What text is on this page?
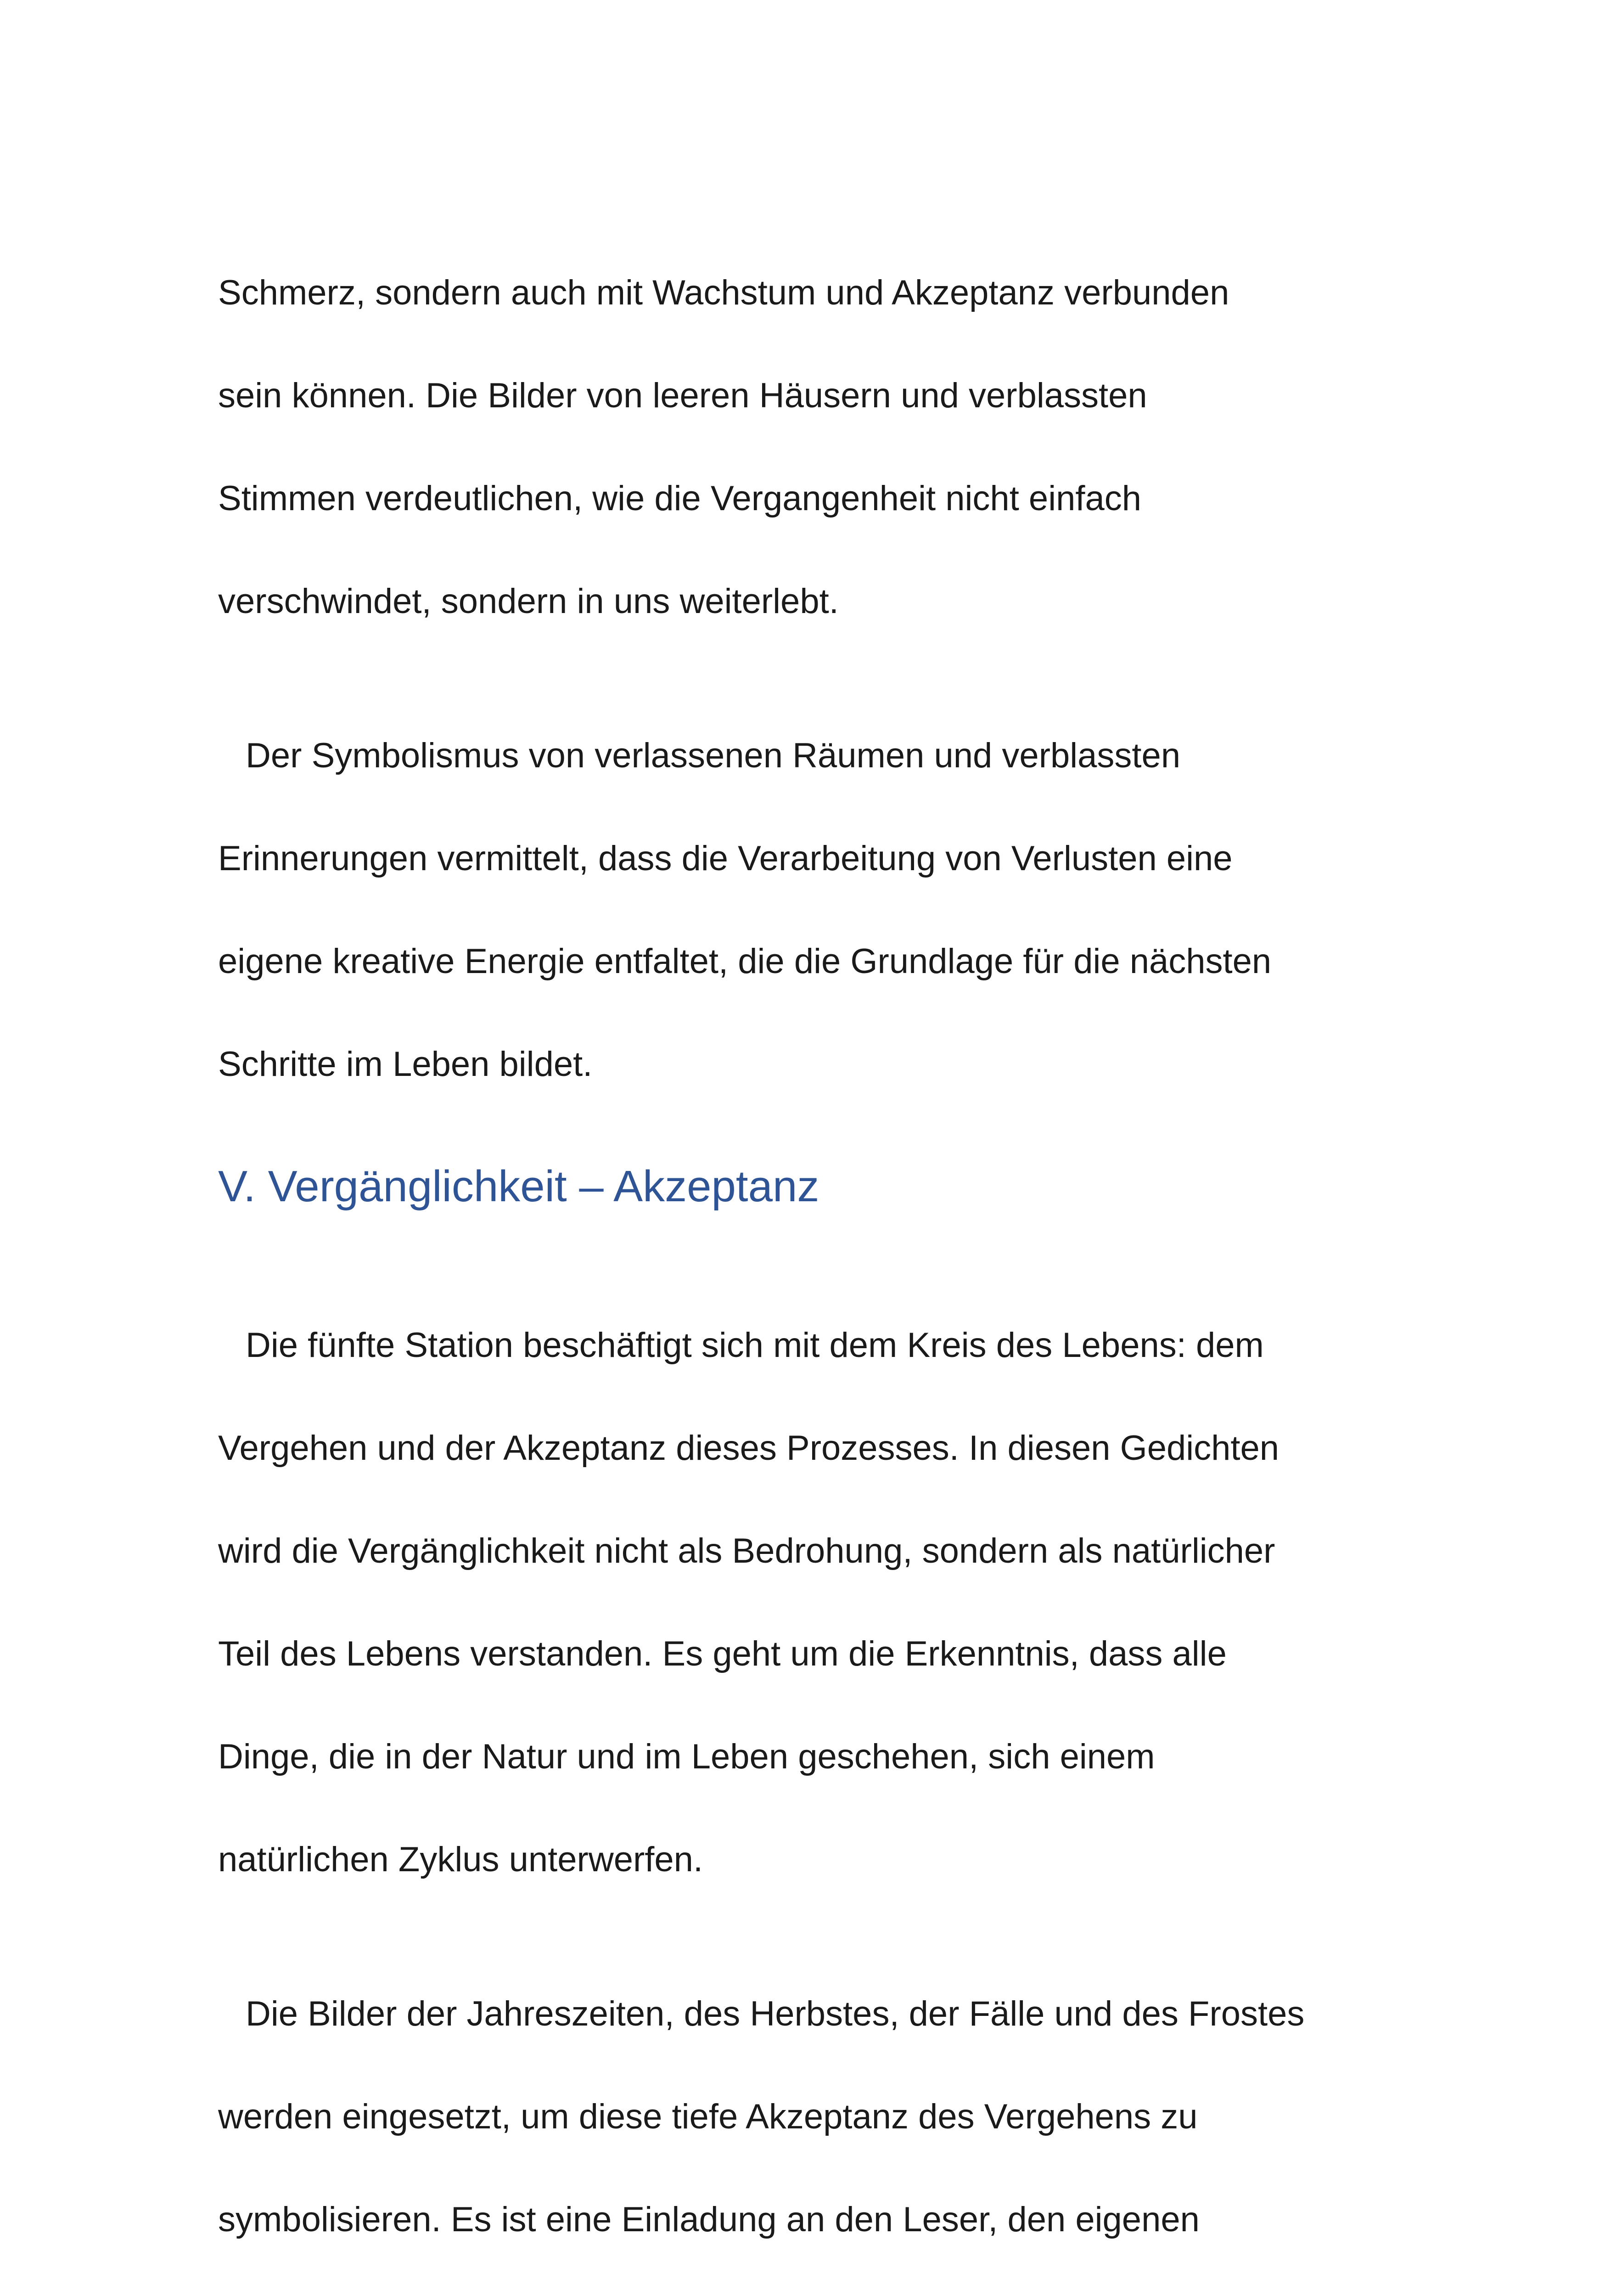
Schmerz, sondern auch mit Wachstum und Akzeptanz verbunden

sein können. Die Bilder von leeren Häusern und verblassten

Stimmen verdeutlichen, wie die Vergangenheit nicht einfach

verschwindet, sondern in uns weiterlebt.

Der Symbolismus von verlassenen Räumen und verblassten

Erinnerungen vermittelt, dass die Verarbeitung von Verlusten eine

eigene kreative Energie entfaltet, die die Grundlage für die nächsten

Schritte im Leben bildet.

V. Vergänglichkeit – Akzeptanz

Die fünfte Station beschäftigt sich mit dem Kreis des Lebens: dem

Vergehen und der Akzeptanz dieses Prozesses. In diesen Gedichten

wird die Vergänglichkeit nicht als Bedrohung, sondern als natürlicher

Teil des Lebens verstanden. Es geht um die Erkenntnis, dass alle

Dinge, die in der Natur und im Leben geschehen, sich einem

natürlichen Zyklus unterwerfen.

Die Bilder der Jahreszeiten, des Herbstes, der Fälle und des Frostes

werden eingesetzt, um diese tiefe Akzeptanz des Vergehens zu

symbolisieren. Es ist eine Einladung an den Leser, den eigenen
